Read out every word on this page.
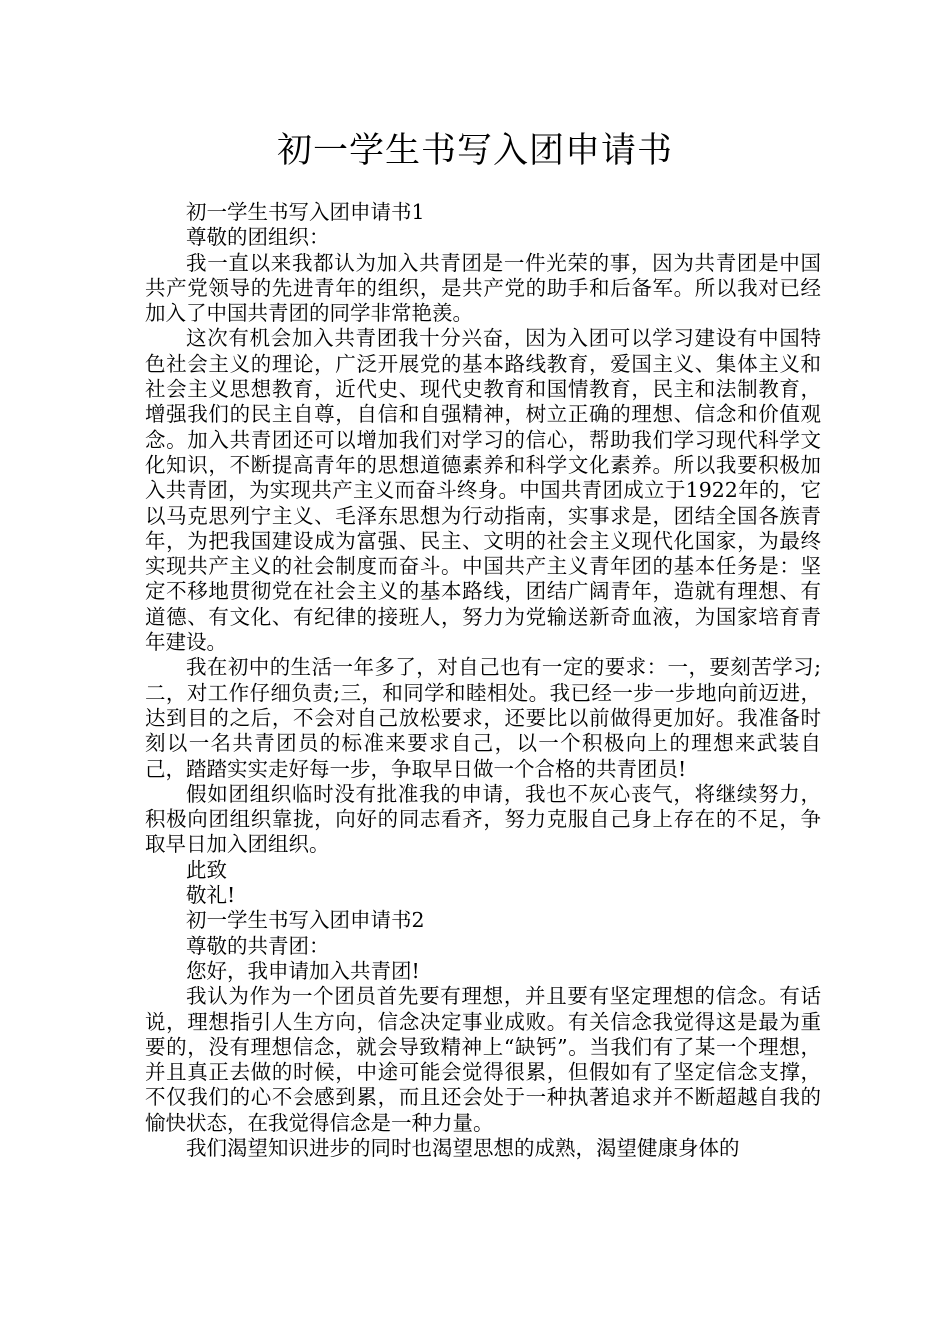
初一学生书写入团申请书

初一学生书写入团申请书1

尊敬的团组织：

我一直以来我都认为加入共青团是一件光荣的事，因为共青团是中国共产党领导的先进青年的组织，是共产党的助手和后备军。所以我对已经加入了中国共青团的同学非常艳羡。

这次有机会加入共青团我十分兴奋，因为入团可以学习建设有中国特色社会主义的理论，广泛开展党的基本路线教育，爱国主义、集体主义和社会主义思想教育，近代史、现代史教育和国情教育，民主和法制教育，增强我们的民主自尊，自信和自强精神，树立正确的理想、信念和价值观念。加入共青团还可以增加我们对学习的信心，帮助我们学习现代科学文化知识，不断提高青年的思想道德素养和科学文化素养。所以我要积极加入共青团，为实现共产主义而奋斗终身。中国共青团成立于1922年的，它以马克思列宁主义、毛泽东思想为行动指南，实事求是，团结全国各族青年，为把我国建设成为富强、民主、文明的社会主义现代化国家，为最终实现共产主义的社会制度而奋斗。中国共产主义青年团的基本任务是：坚定不移地贯彻党在社会主义的基本路线，团结广阔青年，造就有理想、有道德、有文化、有纪律的接班人，努力为党输送新奇血液，为国家培育青年建设。

我在初中的生活一年多了，对自己也有一定的要求：一，要刻苦学习;二，对工作仔细负责;三，和同学和睦相处。我已经一步一步地向前迈进，达到目的之后，不会对自己放松要求，还要比以前做得更加好。我准备时刻以一名共青团员的标准来要求自己，以一个积极向上的理想来武装自己，踏踏实实走好每一步，争取早日做一个合格的共青团员!

假如团组织临时没有批准我的申请，我也不灰心丧气，将继续努力，积极向团组织靠拢，向好的同志看齐，努力克服自己身上存在的不足，争取早日加入团组织。

此致

敬礼!

初一学生书写入团申请书2

尊敬的共青团：

您好，我申请加入共青团!

我认为作为一个团员首先要有理想，并且要有坚定理想的信念。有话说，理想指引人生方向，信念决定事业成败。有关信念我觉得这是最为重要的，没有理想信念，就会导致精神上“缺钙”。当我们有了某一个理想，并且真正去做的时候，中途可能会觉得很累，但假如有了坚定信念支撑，不仅我们的心不会感到累，而且还会处于一种执著追求并不断超越自我的愉快状态，在我觉得信念是一种力量。

我们渴望知识进步的同时也渴望思想的成熟，渴望健康身体的
